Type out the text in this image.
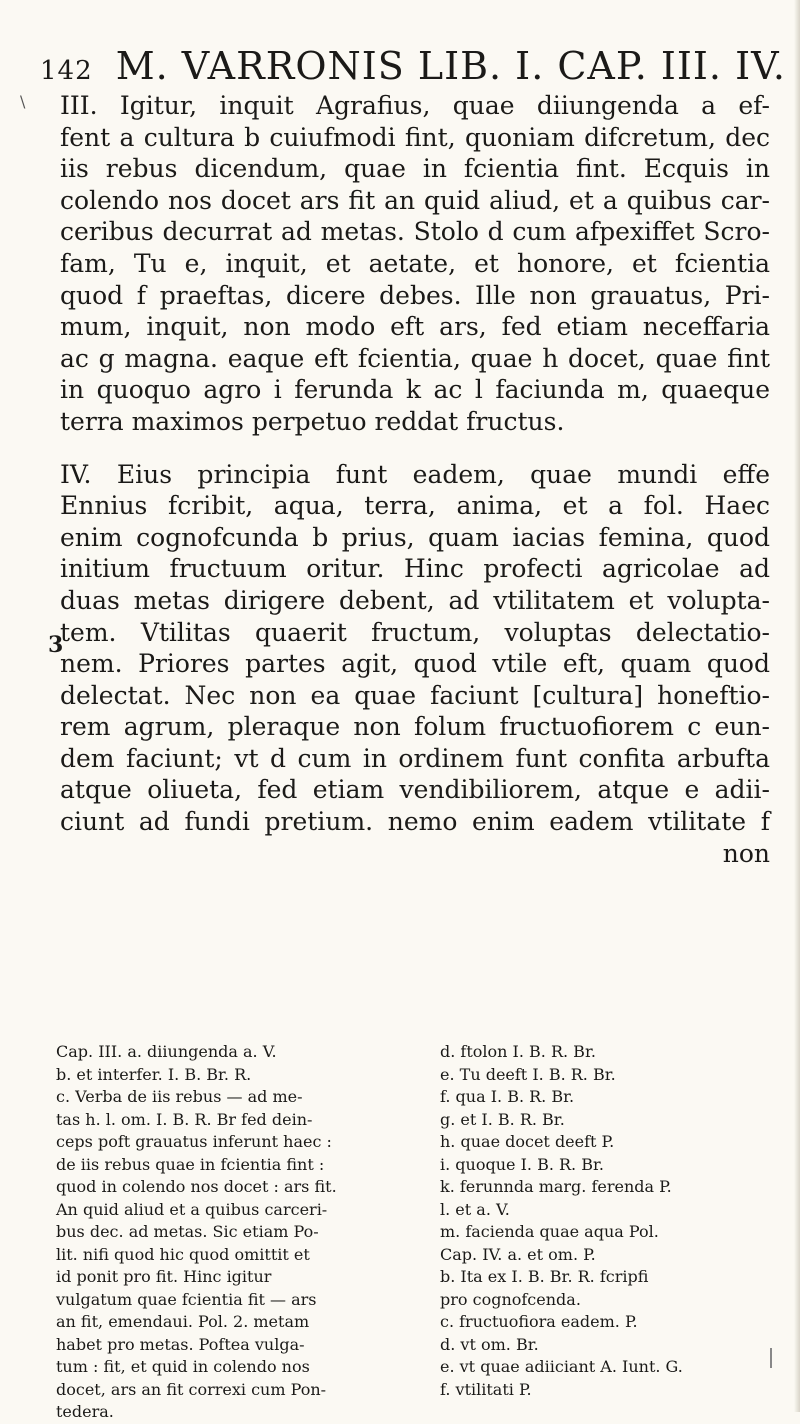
142 M. VARRONIS LIB. I. CAP. III. IV.
\
3
III. Igitur, inquit Agrafius, quae diiungenda a ef-
fent a cultura b cuiufmodi fint, quoniam difcretum, dec
iis rebus dicendum, quae in fcientia fint. Ecquis in
colendo nos docet ars fit an quid aliud, et a quibus car-
ceribus decurrat ad metas. Stolo d cum afpexiffet Scro-
fam, Tu e, inquit, et aetate, et honore, et fcientia
quod f praeftas, dicere debes. Ille non grauatus, Pri-
mum, inquit, non modo eft ars, fed etiam neceffaria
ac g magna. eaque eft fcientia, quae h docet, quae fint
in quoquo agro i ferunda k ac l faciunda m, quaeque
terra maximos perpetuo reddat fructus.
IV. Eius principia funt eadem, quae mundi effe
Ennius fcribit, aqua, terra, anima, et a fol. Haec
enim cognofcunda b prius, quam iacias femina, quod
initium fructuum oritur. Hinc profecti agricolae ad
duas metas dirigere debent, ad vtilitatem et volupta-
tem. Vtilitas quaerit fructum, voluptas delectatio-
nem. Priores partes agit, quod vtile eft, quam quod
delectat. Nec non ea quae faciunt [cultura] honeftio-
rem agrum, pleraque non folum fructuofiorem c eun-
dem faciunt; vt d cum in ordinem funt confita arbufta
atque oliueta, fed etiam vendibiliorem, atque e adii-
ciunt ad fundi pretium. nemo enim eadem vtilitate f
non
Cap. III. a. diiungenda a. V.
b. et interfer. I. B. Br. R.
c. Verba de iis rebus — ad me-
tas h. l. om. I. B. R. Br fed dein-
ceps poft grauatus inferunt haec :
de iis rebus quae in fcientia fint :
quod in colendo nos docet : ars fit.
An quid aliud et a quibus carceri-
bus dec. ad metas. Sic etiam Po-
lit. nifi quod hic quod omittit et
id ponit pro fit. Hinc igitur
vulgatum quae fcientia fit — ars
an fit, emendaui. Pol. 2. metam
habet pro metas. Poftea vulga-
tum : fit, et quid in colendo nos
docet, ars an fit correxi cum Pon-
tedera.
d. ftolon I. B. R. Br.
e. Tu deeft I. B. R. Br.
f. qua I. B. R. Br.
g. et I. B. R. Br.
h. quae docet deeft P.
i. quoque I. B. R. Br.
k. ferunnda marg. ferenda P.
l. et a. V.
m. facienda quae aqua Pol.
Cap. IV. a. et om. P.
b. Ita ex I. B. Br. R. fcripfi
pro cognofcenda.
c. fructuofiora eadem. P.
d. vt om. Br.
e. vt quae adiiciant A. Iunt. G.
f. vtilitati P.
